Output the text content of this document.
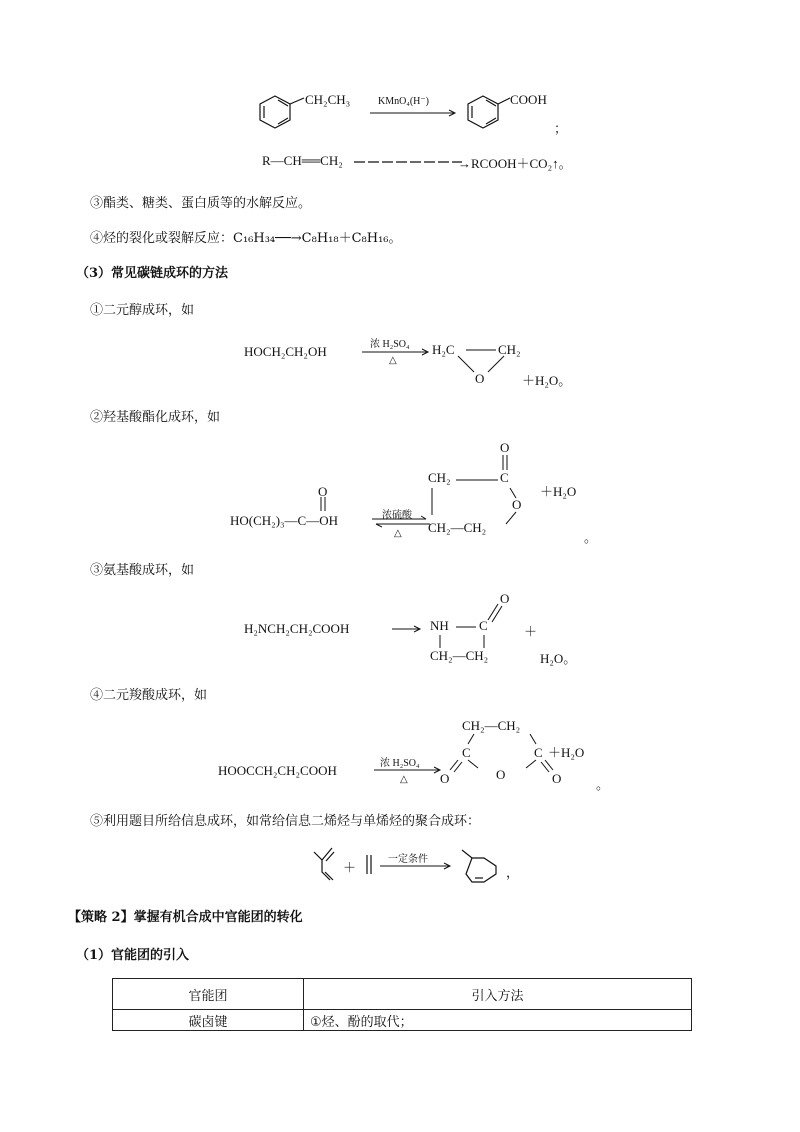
CH₂CH₃	KMnO₄(H⁻)	COOH
；
R—CH══CH₂	→RCOOH＋CO₂↑。
③酯类、糖类、蛋白质等的水解反应。
④烃的裂化或裂解反应：C₁₆H₃₄──→C₈H₁₈＋C₈H₁₆。
（3）常见碳链成环的方法
①二元醇成环，如
HOCH₂CH₂OH	浓 H₂SO₄
△
H₂C	CH₂
O	＋H₂O。
②羟基酸酯化成环，如
HO(CH₂)₃—C—OH
O
浓硫酸
△
CH₂	C
O
O
CH₂—CH₂
＋H₂O
。
③氨基酸成环，如
H₂NCH₂CH₂COOH	NH C
O
CH₂—CH₂
＋
H₂O。
④二元羧酸成环，如
HOOCCH₂CH₂COOH	浓 H₂SO₄
△
CH₂—CH₂
C	C
O
O	O
＋H₂O
。
⑤利用题目所给信息成环，如常给信息二烯烃与单烯烃的聚合成环：
＋
一定条件
，
【策略 2】掌握有机合成中官能团的转化
（1）官能团的引入
官能团	引入方法
碳卤键	①烃、酚的取代；
